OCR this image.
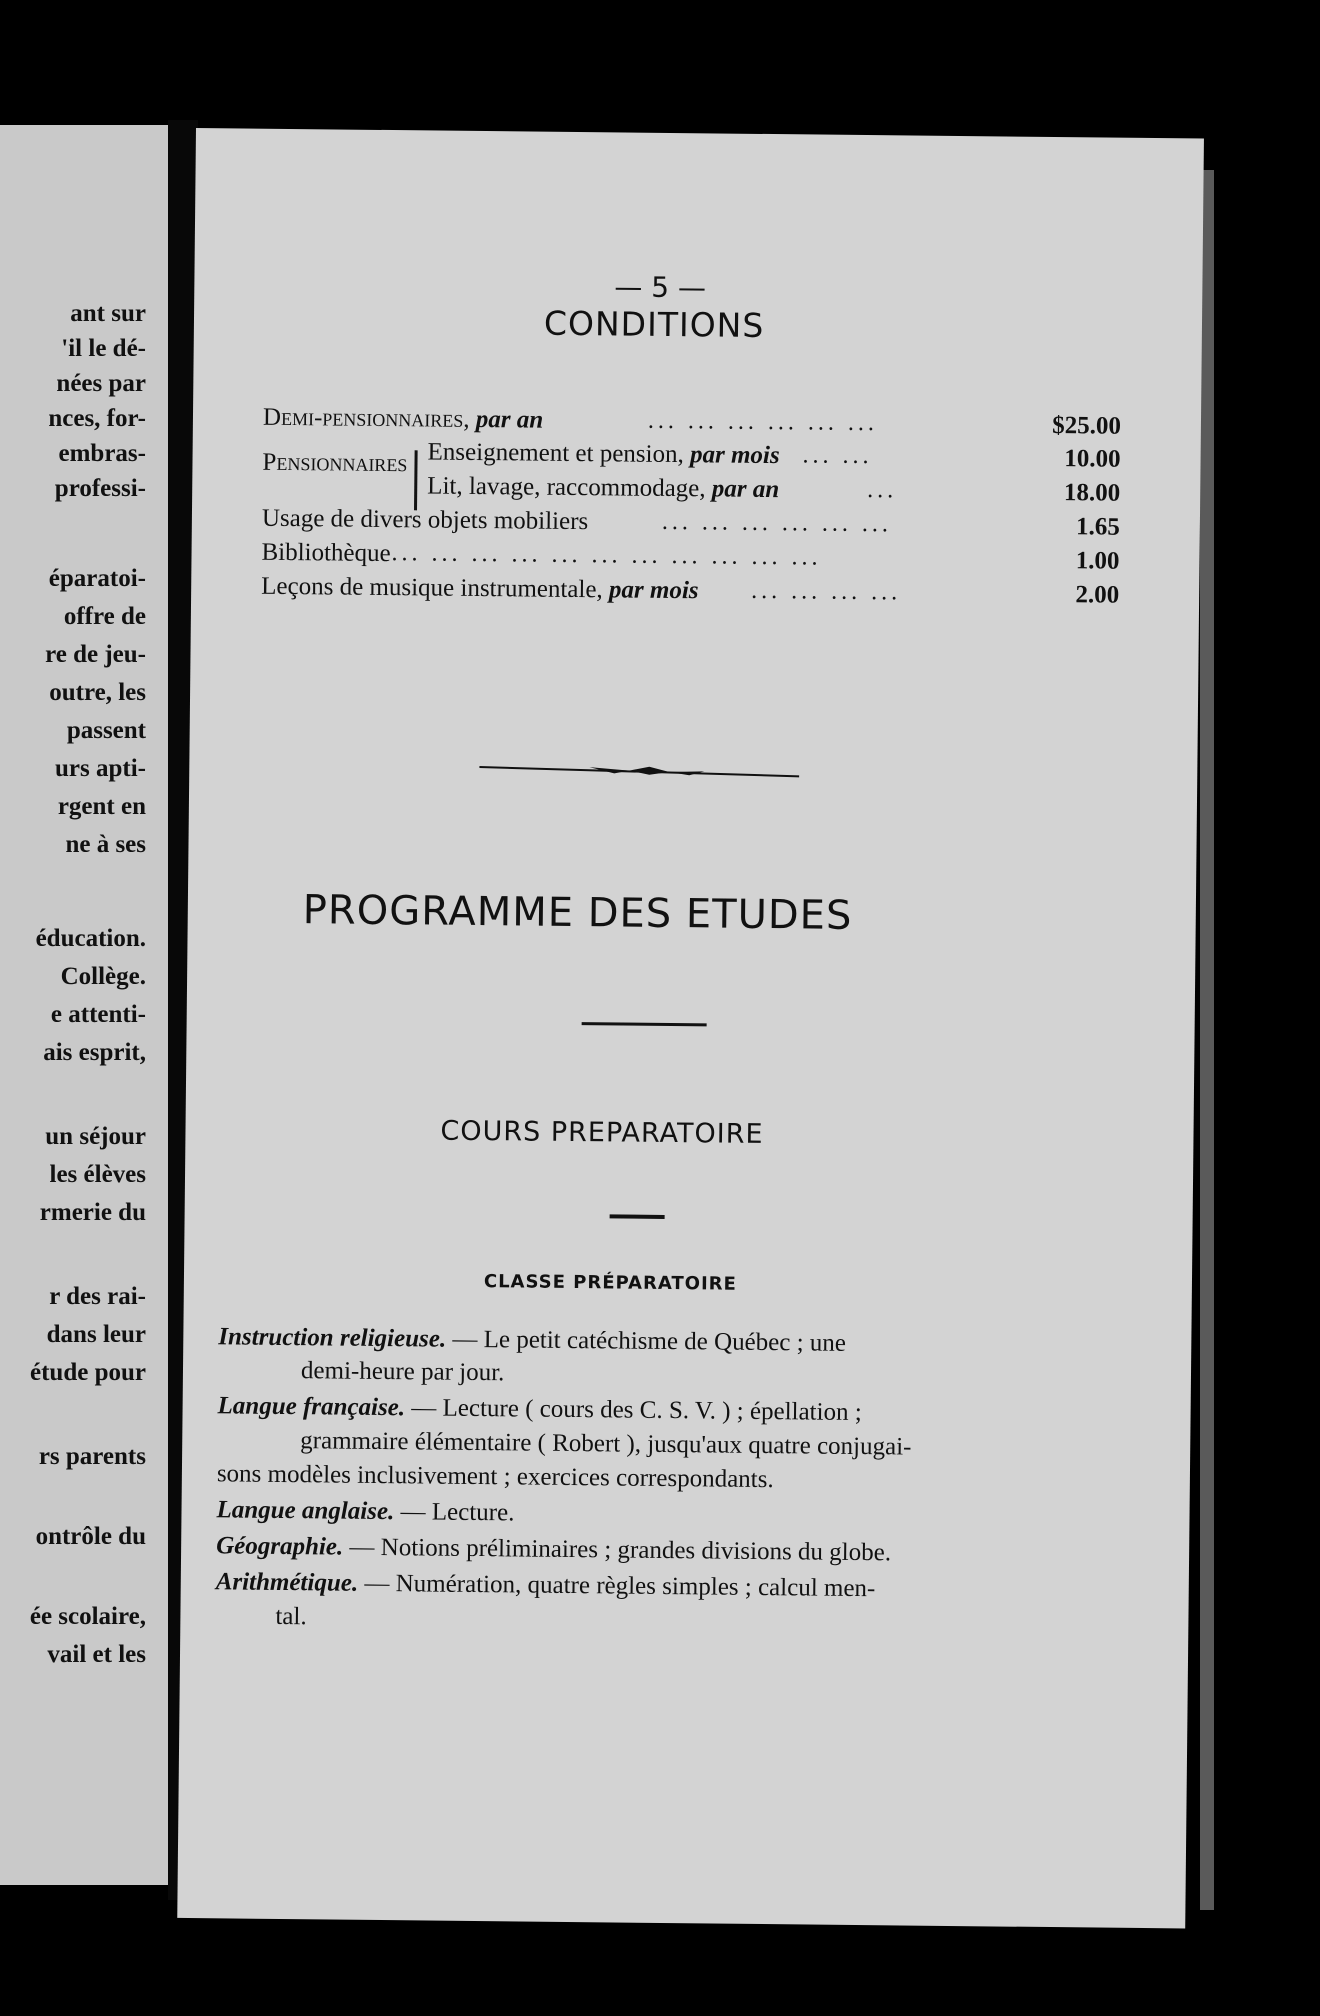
ant sur
'il le dé-
nées par
nces, for-
embras-
professi-
éparatoi-
offre de
re de jeu-
outre, les
passent
urs apti-
rgent en
ne à ses
éducation.
Collège.
e attenti-
ais esprit,
un séjour
les élèves
rmerie du
r des rai-
dans leur
étude pour
rs parents
ontrôle du
ée scolaire,
vail et les
— 5 —
CONDITIONS
Demi-pensionnaires, par an	... ... ... ... ... ...	$25.00
Pensionnaires Enseignement et pension, par mois ... ...	10.00
Lit, lavage, raccommodage, par an	...	18.00
Usage de divers objets mobiliers	... ... ... ... ... ...	1.65
Bibliothèque ... ... ... ... ... ... ... ... ... ... ...	1.00
Leçons de musique instrumentale, par mois ... ... ... ...	2.00
PROGRAMME DES ETUDES
COURS PREPARATOIRE
CLASSE PRÉPARATOIRE
Instruction religieuse. — Le petit catéchisme de Québec ; une
demi-heure par jour.
Langue française. — Lecture ( cours des C. S. V. ) ; épellation ;
grammaire élémentaire ( Robert ), jusqu'aux quatre conjugai-
sons modèles inclusivement ; exercices correspondants.
Langue anglaise. — Lecture.
Géographie. — Notions préliminaires ; grandes divisions du globe.
Arithmétique. — Numération, quatre règles simples ; calcul men-
tal.
